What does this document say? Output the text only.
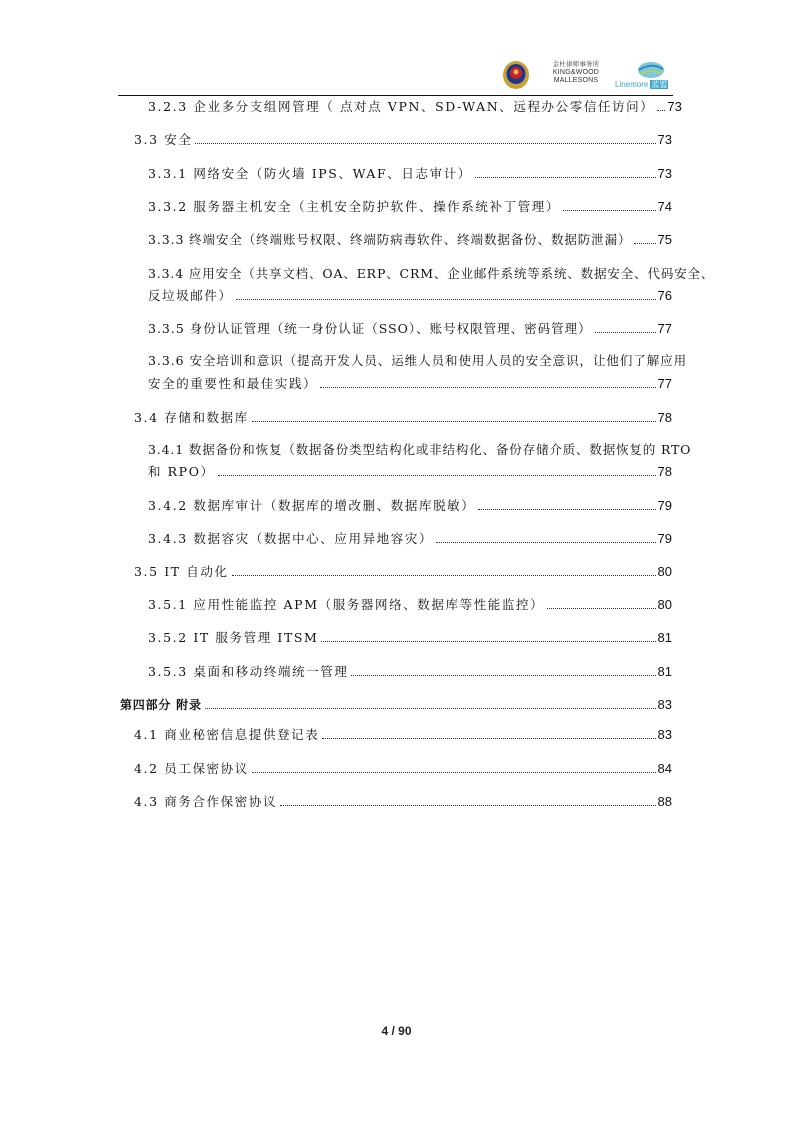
金杜律师事务所
KING&WOOD
MALLESONS	Linemore 蓝盟
3.2.3 企业多分支组网管理（ 点对点 VPN、SD-WAN、远程办公零信任访问） 73
3.3 安全	73
3.3.1 网络安全（防火墙 IPS、WAF、日志审计）	73
3.3.2 服务器主机安全（主机安全防护软件、操作系统补丁管理）	74
3.3.3 终端安全（终端账号权限、终端防病毒软件、终端数据备份、数据防泄漏） 75
3.3.4 应用安全（共享文档、OA、ERP、CRM、企业邮件系统等系统、数据安全、代码安全、
反垃圾邮件）	76
3.3.5 身份认证管理（统一身份认证（SSO）、账号权限管理、密码管理）	77
3.3.6 安全培训和意识（提高开发人员、运维人员和使用人员的安全意识，让他们了解应用
安全的重要性和最佳实践）	77
3.4 存储和数据库	78
3.4.1 数据备份和恢复（数据备份类型结构化或非结构化、备份存储介质、数据恢复的 RTO
和 RPO）	78
3.4.2 数据库审计（数据库的增改删、数据库脱敏）	79
3.4.3 数据容灾（数据中心、应用异地容灾）	79
3.5 IT 自动化	80
3.5.1 应用性能监控 APM（服务器网络、数据库等性能监控）	80
3.5.2 IT 服务管理 ITSM	81
3.5.3 桌面和移动终端统一管理	81
第四部分 附录	83
4.1 商业秘密信息提供登记表	83
4.2 员工保密协议	84
4.3 商务合作保密协议	88
4 / 90
